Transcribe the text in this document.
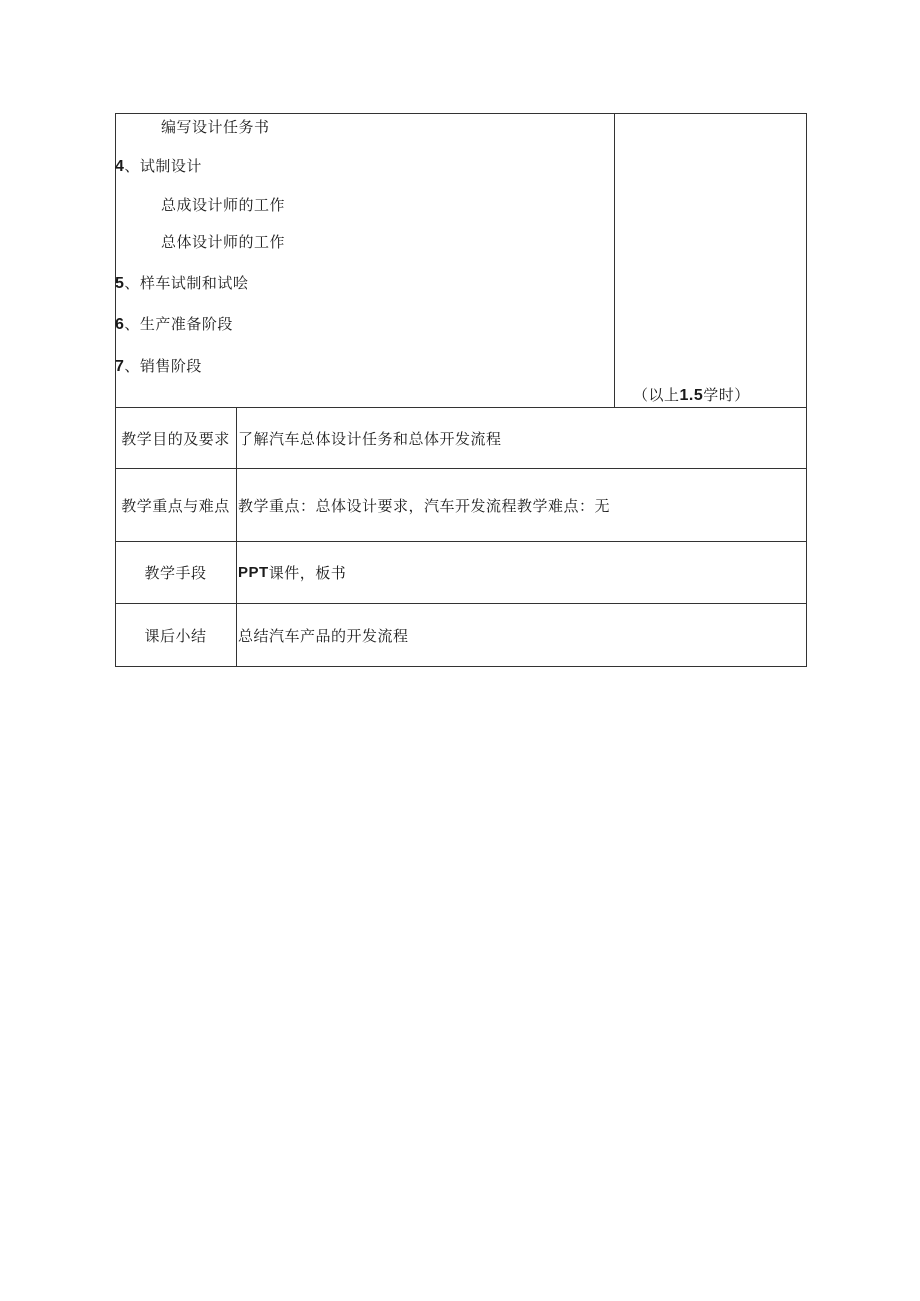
编写设计任务书
4、试制设计
总成设计师的工作
总体设计师的工作
5、样车试制和试哙
6、生产准备阶段
7、销售阶段
（以上1.5学时）
教学目的及要求 了解汽车总体设计任务和总体开发流程
教学重点与难点 教学重点：总体设计要求，汽车开发流程教学难点：无
教学手段 PPT 课件，板书
课后小结 总结汽车产品的开发流程
